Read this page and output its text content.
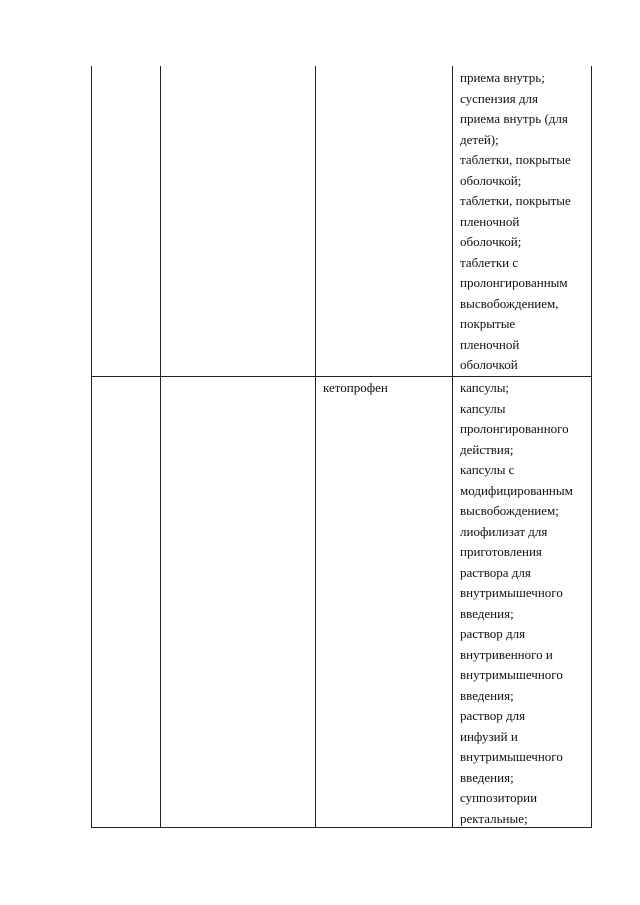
приема внутрь;
суспензия для
приема внутрь (для
детей);
таблетки, покрытые
оболочкой;
таблетки, покрытые
пленочной
оболочкой;
таблетки с
пролонгированным
высвобождением,
покрытые
пленочной
оболочкой
кетопрофен	капсулы;
капсулы
пролонгированного
действия;
капсулы с
модифицированным
высвобождением;
лиофилизат для
приготовления
раствора для
внутримышечного
введения;
раствор для
внутривенного и
внутримышечного
введения;
раствор для
инфузий и
внутримышечного
введения;
суппозитории
ректальные;
